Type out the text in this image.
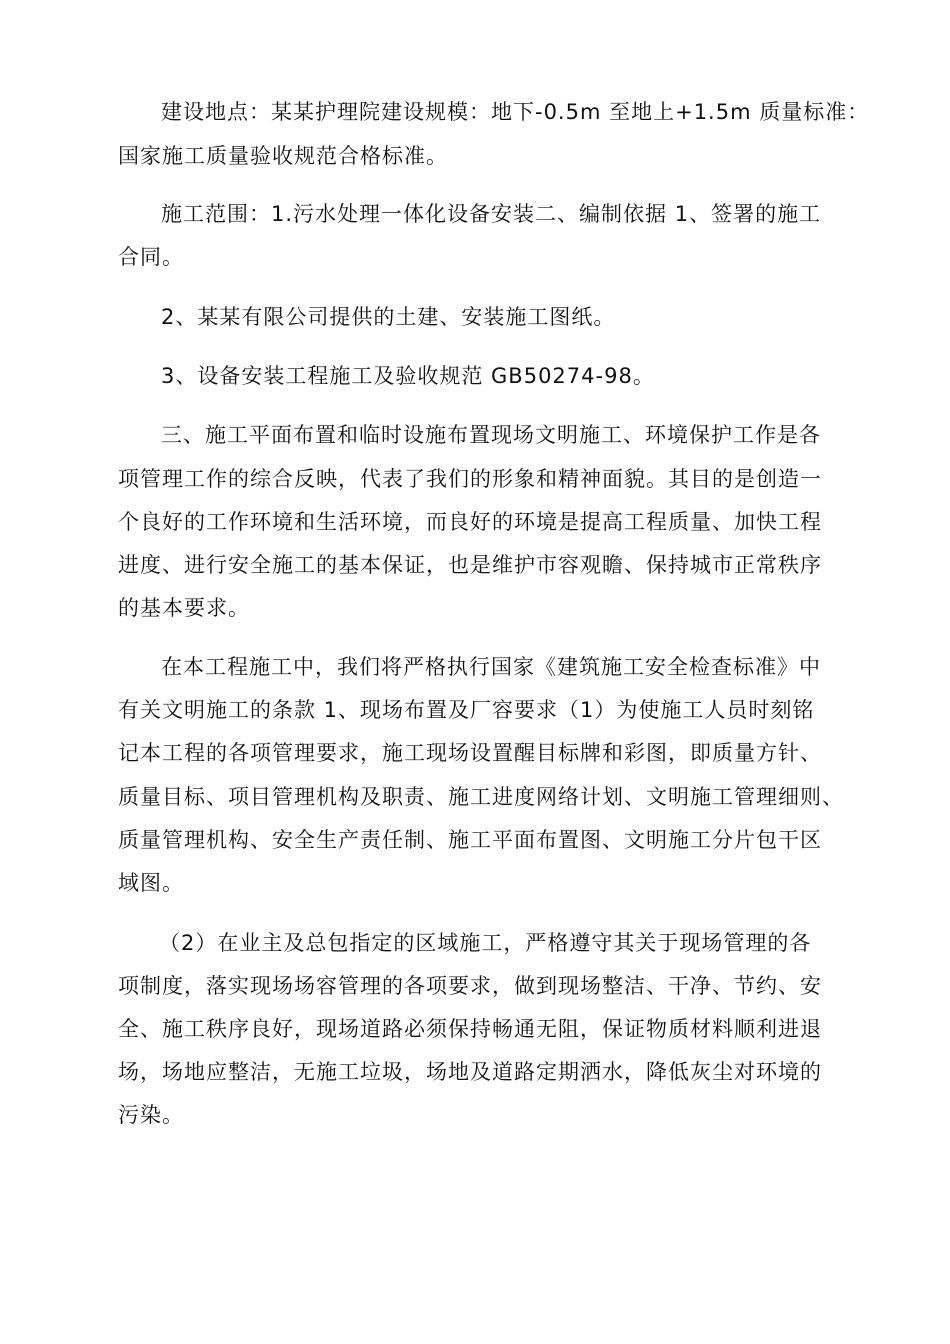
建设地点：某某护理院建设规模：地下-0.5m 至地上+1.5m 质量标准：

国家施工质量验收规范合格标准。

施工范围：1.污水处理一体化设备安装二、编制依据 1、签署的施工

合同。

2、某某有限公司提供的土建、安装施工图纸。

3、设备安装工程施工及验收规范 GB50274-98。

三、施工平面布置和临时设施布置现场文明施工、环境保护工作是各

项管理工作的综合反映，代表了我们的形象和精神面貌。其目的是创造一

个良好的工作环境和生活环境，而良好的环境是提高工程质量、加快工程

进度、进行安全施工的基本保证，也是维护市容观瞻、保持城市正常秩序

的基本要求。

在本工程施工中，我们将严格执行国家《建筑施工安全检查标准》中

有关文明施工的条款 1、现场布置及厂容要求（1）为使施工人员时刻铭

记本工程的各项管理要求，施工现场设置醒目标牌和彩图，即质量方针、

质量目标、项目管理机构及职责、施工进度网络计划、文明施工管理细则、

质量管理机构、安全生产责任制、施工平面布置图、文明施工分片包干区

域图。

（2）在业主及总包指定的区域施工，严格遵守其关于现场管理的各

项制度，落实现场场容管理的各项要求，做到现场整洁、干净、节约、安

全、施工秩序良好，现场道路必须保持畅通无阻，保证物质材料顺利进退

场，场地应整洁，无施工垃圾，场地及道路定期洒水，降低灰尘对环境的

污染。
